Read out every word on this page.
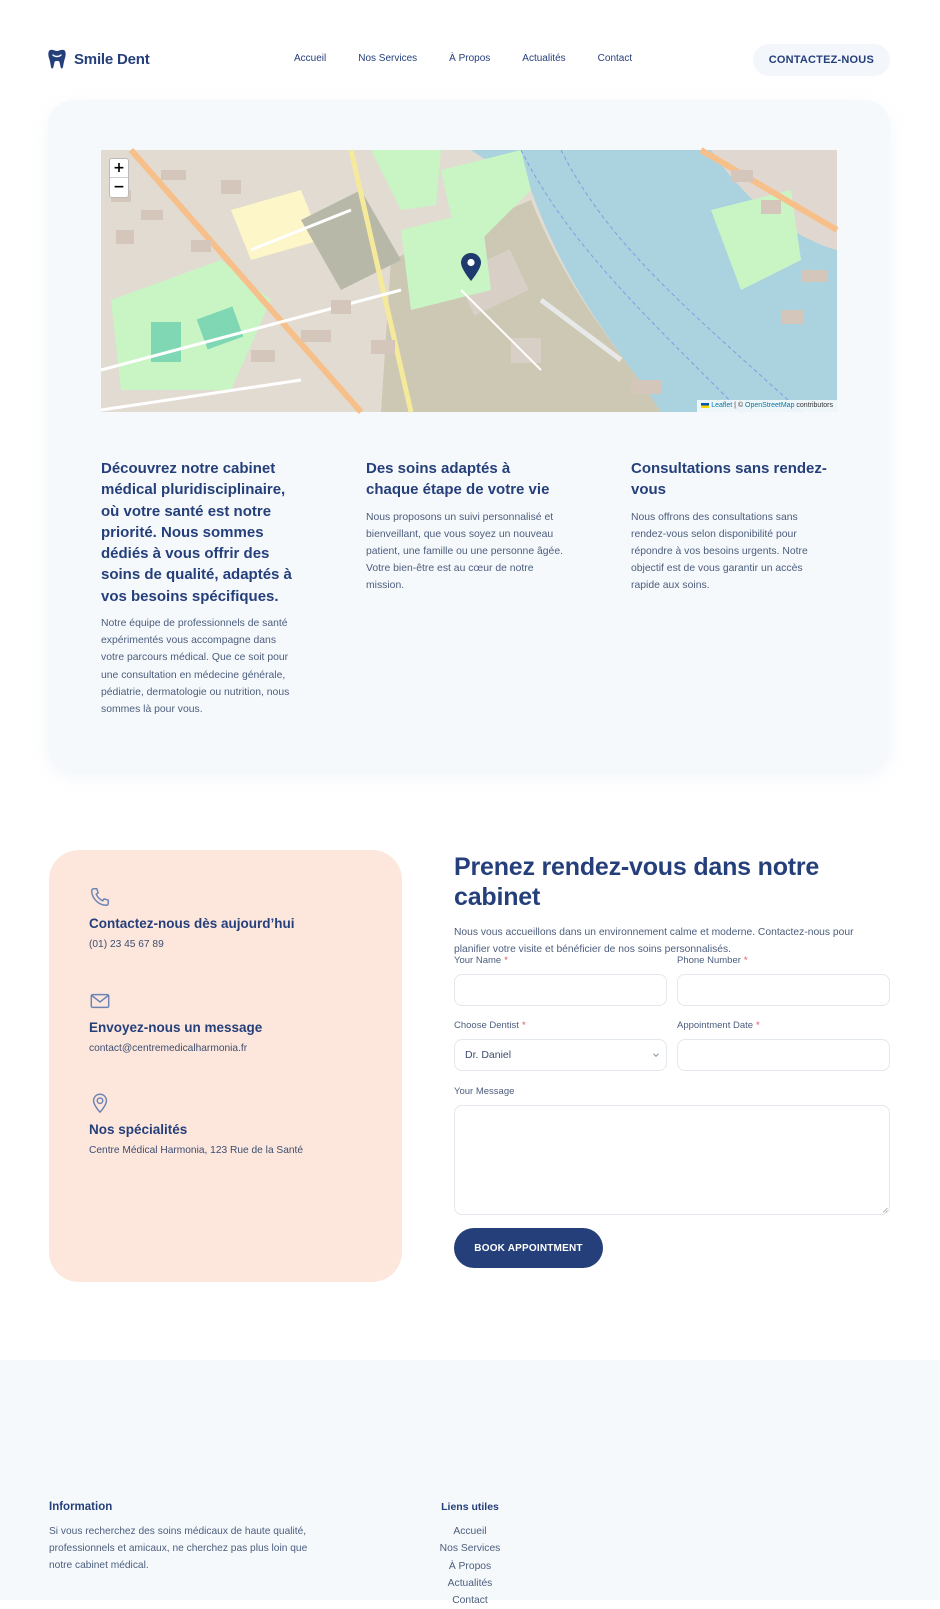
Smile Dent	Accueil	Nos Services	À Propos	Actualités	Contact	CONTACTEZ-NOUS
+
−
Leaflet | © OpenStreetMap contributors
Découvrez notre cabinet médical pluridisciplinaire, où votre santé est notre priorité. Nous sommes dédiés à vous offrir des soins de qualité, adaptés à vos besoins spécifiques.

Notre équipe de professionnels de santé expérimentés vous accompagne dans votre parcours médical. Que ce soit pour une consultation en médecine générale, pédiatrie, dermatologie ou nutrition, nous sommes là pour vous.

Des soins adaptés à chaque étape de votre vie

Nous proposons un suivi personnalisé et bienveillant, que vous soyez un nouveau patient, une famille ou une personne âgée. Votre bien-être est au cœur de notre mission.

Consultations sans rendez-vous

Nous offrons des consultations sans rendez-vous selon disponibilité pour répondre à vos besoins urgents. Notre objectif est de vous garantir un accès rapide aux soins.

Contactez-nous dès aujourd’hui

(01) 23 45 67 89

Envoyez-nous un message

contact@centremedicalharmonia.fr

Nos spécialités

Centre Médical Harmonia, 123 Rue de la Santé

Prenez rendez-vous dans notre cabinet

Nous vous accueillons dans un environnement calme et moderne. Contactez-nous pour planifier votre visite et bénéficier de nos soins personnalisés.

Your Name *	Phone Number *
Choose Dentist *
Dr. Daniel
Appointment Date *
Your Message
BOOK APPOINTMENT
Information

Si vous recherchez des soins médicaux de haute qualité, professionnels et amicaux, ne cherchez pas plus loin que notre cabinet médical.

Liens utiles
Accueil
Nos Services
À Propos
Actualités
Contact
